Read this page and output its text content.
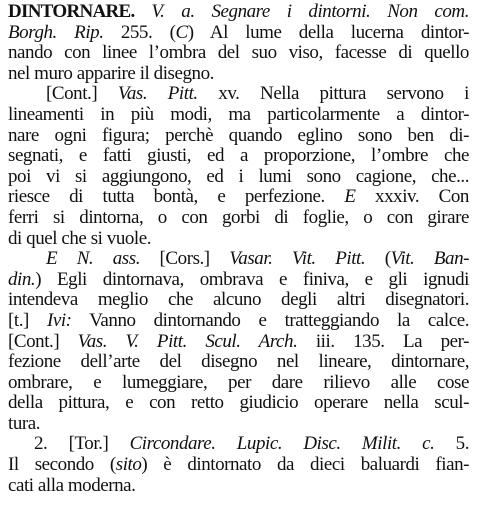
DINTORNARE. V. a. Segnare i dintorni. Non com.
Borgh. Rip. 255. (C) Al lume della lucerna dintor-
nando con linee l’ombra del suo viso, facesse di quello
nel muro apparire il disegno.
[Cont.] Vas. Pitt. xv. Nella pittura servono i
lineamenti in più modi, ma particolarmente a dintor-
nare ogni figura; perchè quando eglino sono ben di-
segnati, e fatti giusti, ed a proporzione, l’ombre che
poi vi si aggiungono, ed i lumi sono cagione, che...
riesce di tutta bontà, e perfezione. E xxxiv. Con
ferri si dintorna, o con gorbi di foglie, o con girare
di quel che si vuole.
E N. ass. [Cors.] Vasar. Vit. Pitt. (Vit. Ban-
din.) Egli dintornava, ombrava e finiva, e gli ignudi
intendeva meglio che alcuno degli altri disegnatori.
[t.] Ivi: Vanno dintornando e tratteggiando la calce.
[Cont.] Vas. V. Pitt. Scul. Arch. iii. 135. La per-
fezione dell’arte del disegno nel lineare, dintornare,
ombrare, e lumeggiare, per dare rilievo alle cose
della pittura, e con retto giudicio operare nella scul-
tura.
2. [Tor.] Circondare. Lupic. Disc. Milit. c. 5.
Il secondo (sito) è dintornato da dieci baluardi fian-
cati alla moderna.
